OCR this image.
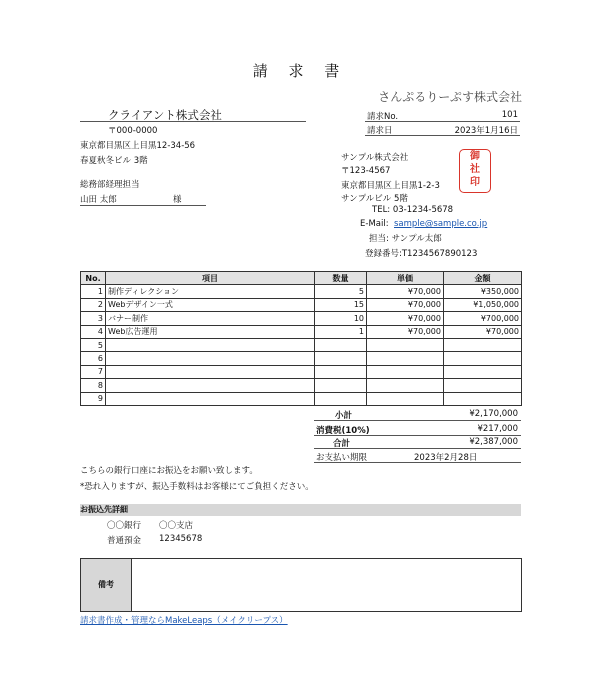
請 求 書
さんぷるりーぷす株式会社
クライアント株式会社
〒000-0000
東京都目黒区上目黒12-34-56
春夏秋冬ビル 3階
総務部経理担当
山田 太郎	様
請求No.	101
請求日	2023年1月16日
サンプル株式会社
〒123-4567
東京都目黒区上目黒1-2-3
サンプルビル 5階
TEL: 03-1234-5678
E-Mail: sample@sample.co.jp
担当: サンプル太郎
登録番号:T1234567890123
御
社
印
No.	項目	数量	単価	金額
1	制作ディレクション	5	¥70,000	¥350,000
2	Webデザイン一式	15	¥70,000	¥1,050,000
3	バナー制作	10	¥70,000	¥700,000
4	Web広告運用	1	¥70,000	¥70,000
5				
6				
7				
8				
9				
小計	¥2,170,000
消費税(10%)	¥217,000
合計	¥2,387,000
お支払い期限	2023年2月28日
こちらの銀行口座にお振込をお願い致します。
*恐れ入りますが、振込手数料はお客様にてご負担ください。
お振込先詳細
〇〇銀行 〇〇支店
普通預金 12345678
備考
請求書作成・管理ならMakeLeaps（メイクリープス）
